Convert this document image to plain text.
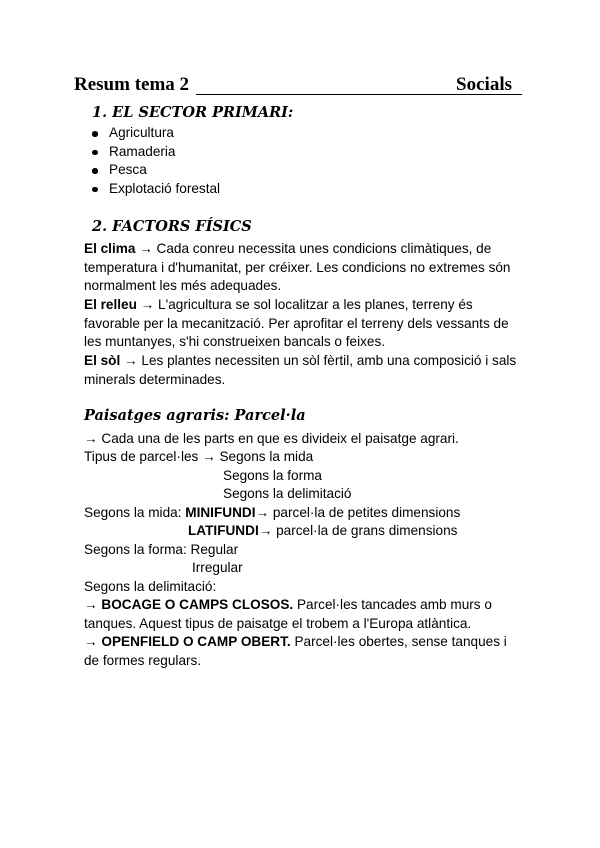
Resum tema 2	Socials
1. EL SECTOR PRIMARI:
Agricultura
Ramaderia
Pesca
Explotació forestal
2. FACTORS FÍSICS
El clima → Cada conreu necessita unes condicions climàtiques, de temperatura i d'humanitat, per créixer. Les condicions no extremes són normalment les més adequades.
El relleu → L'agricultura se sol localitzar a les planes, terreny és favorable per la mecanització. Per aprofitar el terreny dels vessants de les muntanyes, s'hi construeixen bancals o feixes.
El sòl → Les plantes necessiten un sòl fèrtil, amb una composició i sals minerals determinades.
Paisatges agraris: Parcel·la
→ Cada una de les parts en que es divideix el paisatge agrari.
Tipus de parcel·les → Segons la mida
Segons la forma
Segons la delimitació
Segons la mida: MINIFUNDI→ parcel·la de petites dimensions
LATIFUNDI→ parcel·la de grans dimensions
Segons la forma: Regular
Irregular
Segons la delimitació:
→ BOCAGE O CAMPS CLOSOS. Parcel·les tancades amb murs o
tanques. Aquest tipus de paisatge el trobem a l'Europa atlàntica.
→ OPENFIELD O CAMP OBERT. Parcel·les obertes, sense tanques i
de formes regulars.
